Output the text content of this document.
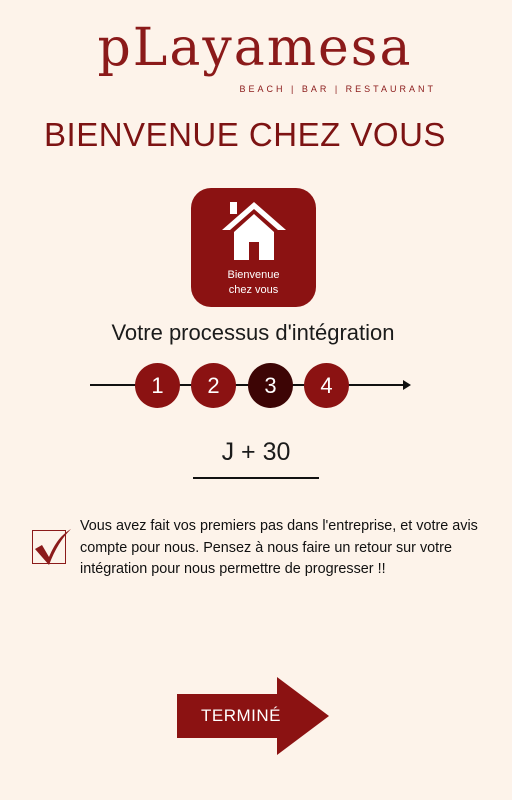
pLayamesa
BEACH | BAR | RESTAURANT
BIENVENUE CHEZ VOUS
Bienvenue
chez vous
Votre processus d'intégration
1	2	3	4
J + 30
Vous avez fait vos premiers pas dans l'entreprise, et votre avis compte pour nous. Pensez à nous faire un retour sur votre intégration pour nous permettre de progresser !!
TERMINÉ
